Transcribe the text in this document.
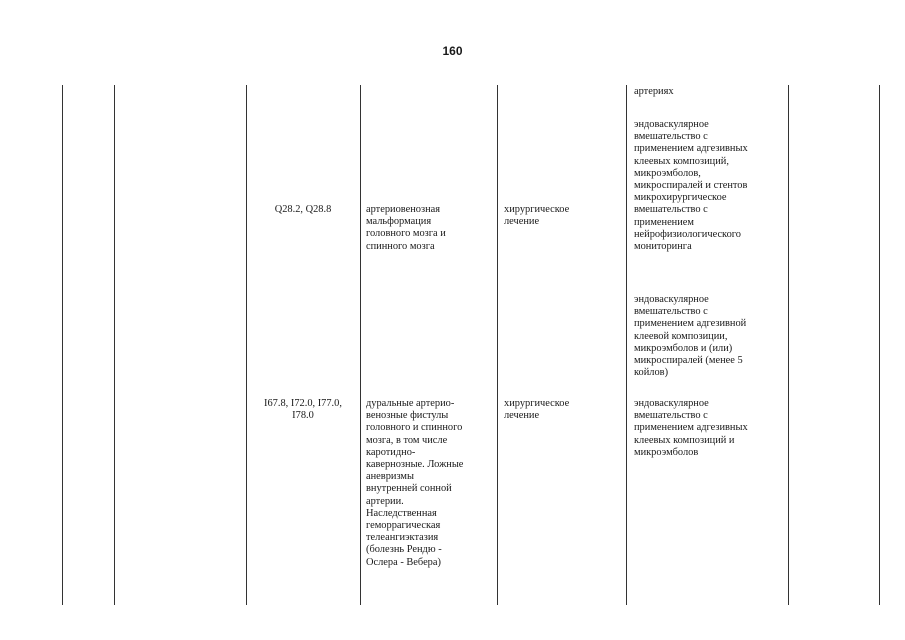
160
артериях
эндоваскулярное
вмешательство с
применением адгезивных
клеевых композиций,
микроэмболов,
микроспиралей и стентов
микрохирургическое
вмешательство с
применением
нейрофизиологического
мониторинга
Q28.2, Q28.8	артериовенозная
мальформация
головного мозга и
спинного мозга
хирургическое
лечение
эндоваскулярное
вмешательство с
применением адгезивной
клеевой композиции,
микроэмболов и (или)
микроспиралей (менее 5
койлов)
I67.8, I72.0, I77.0,
I78.0
дуральные артерио-
венозные фистулы
головного и спинного
мозга, в том числе
каротидно-
кавернозные. Ложные
аневризмы
внутренней сонной
артерии.
Наследственная
геморрагическая
телеангиэктазия
(болезнь Рендю -
Ослера - Вебера)
хирургическое
лечение
эндоваскулярное
вмешательство с
применением адгезивных
клеевых композиций и
микроэмболов
